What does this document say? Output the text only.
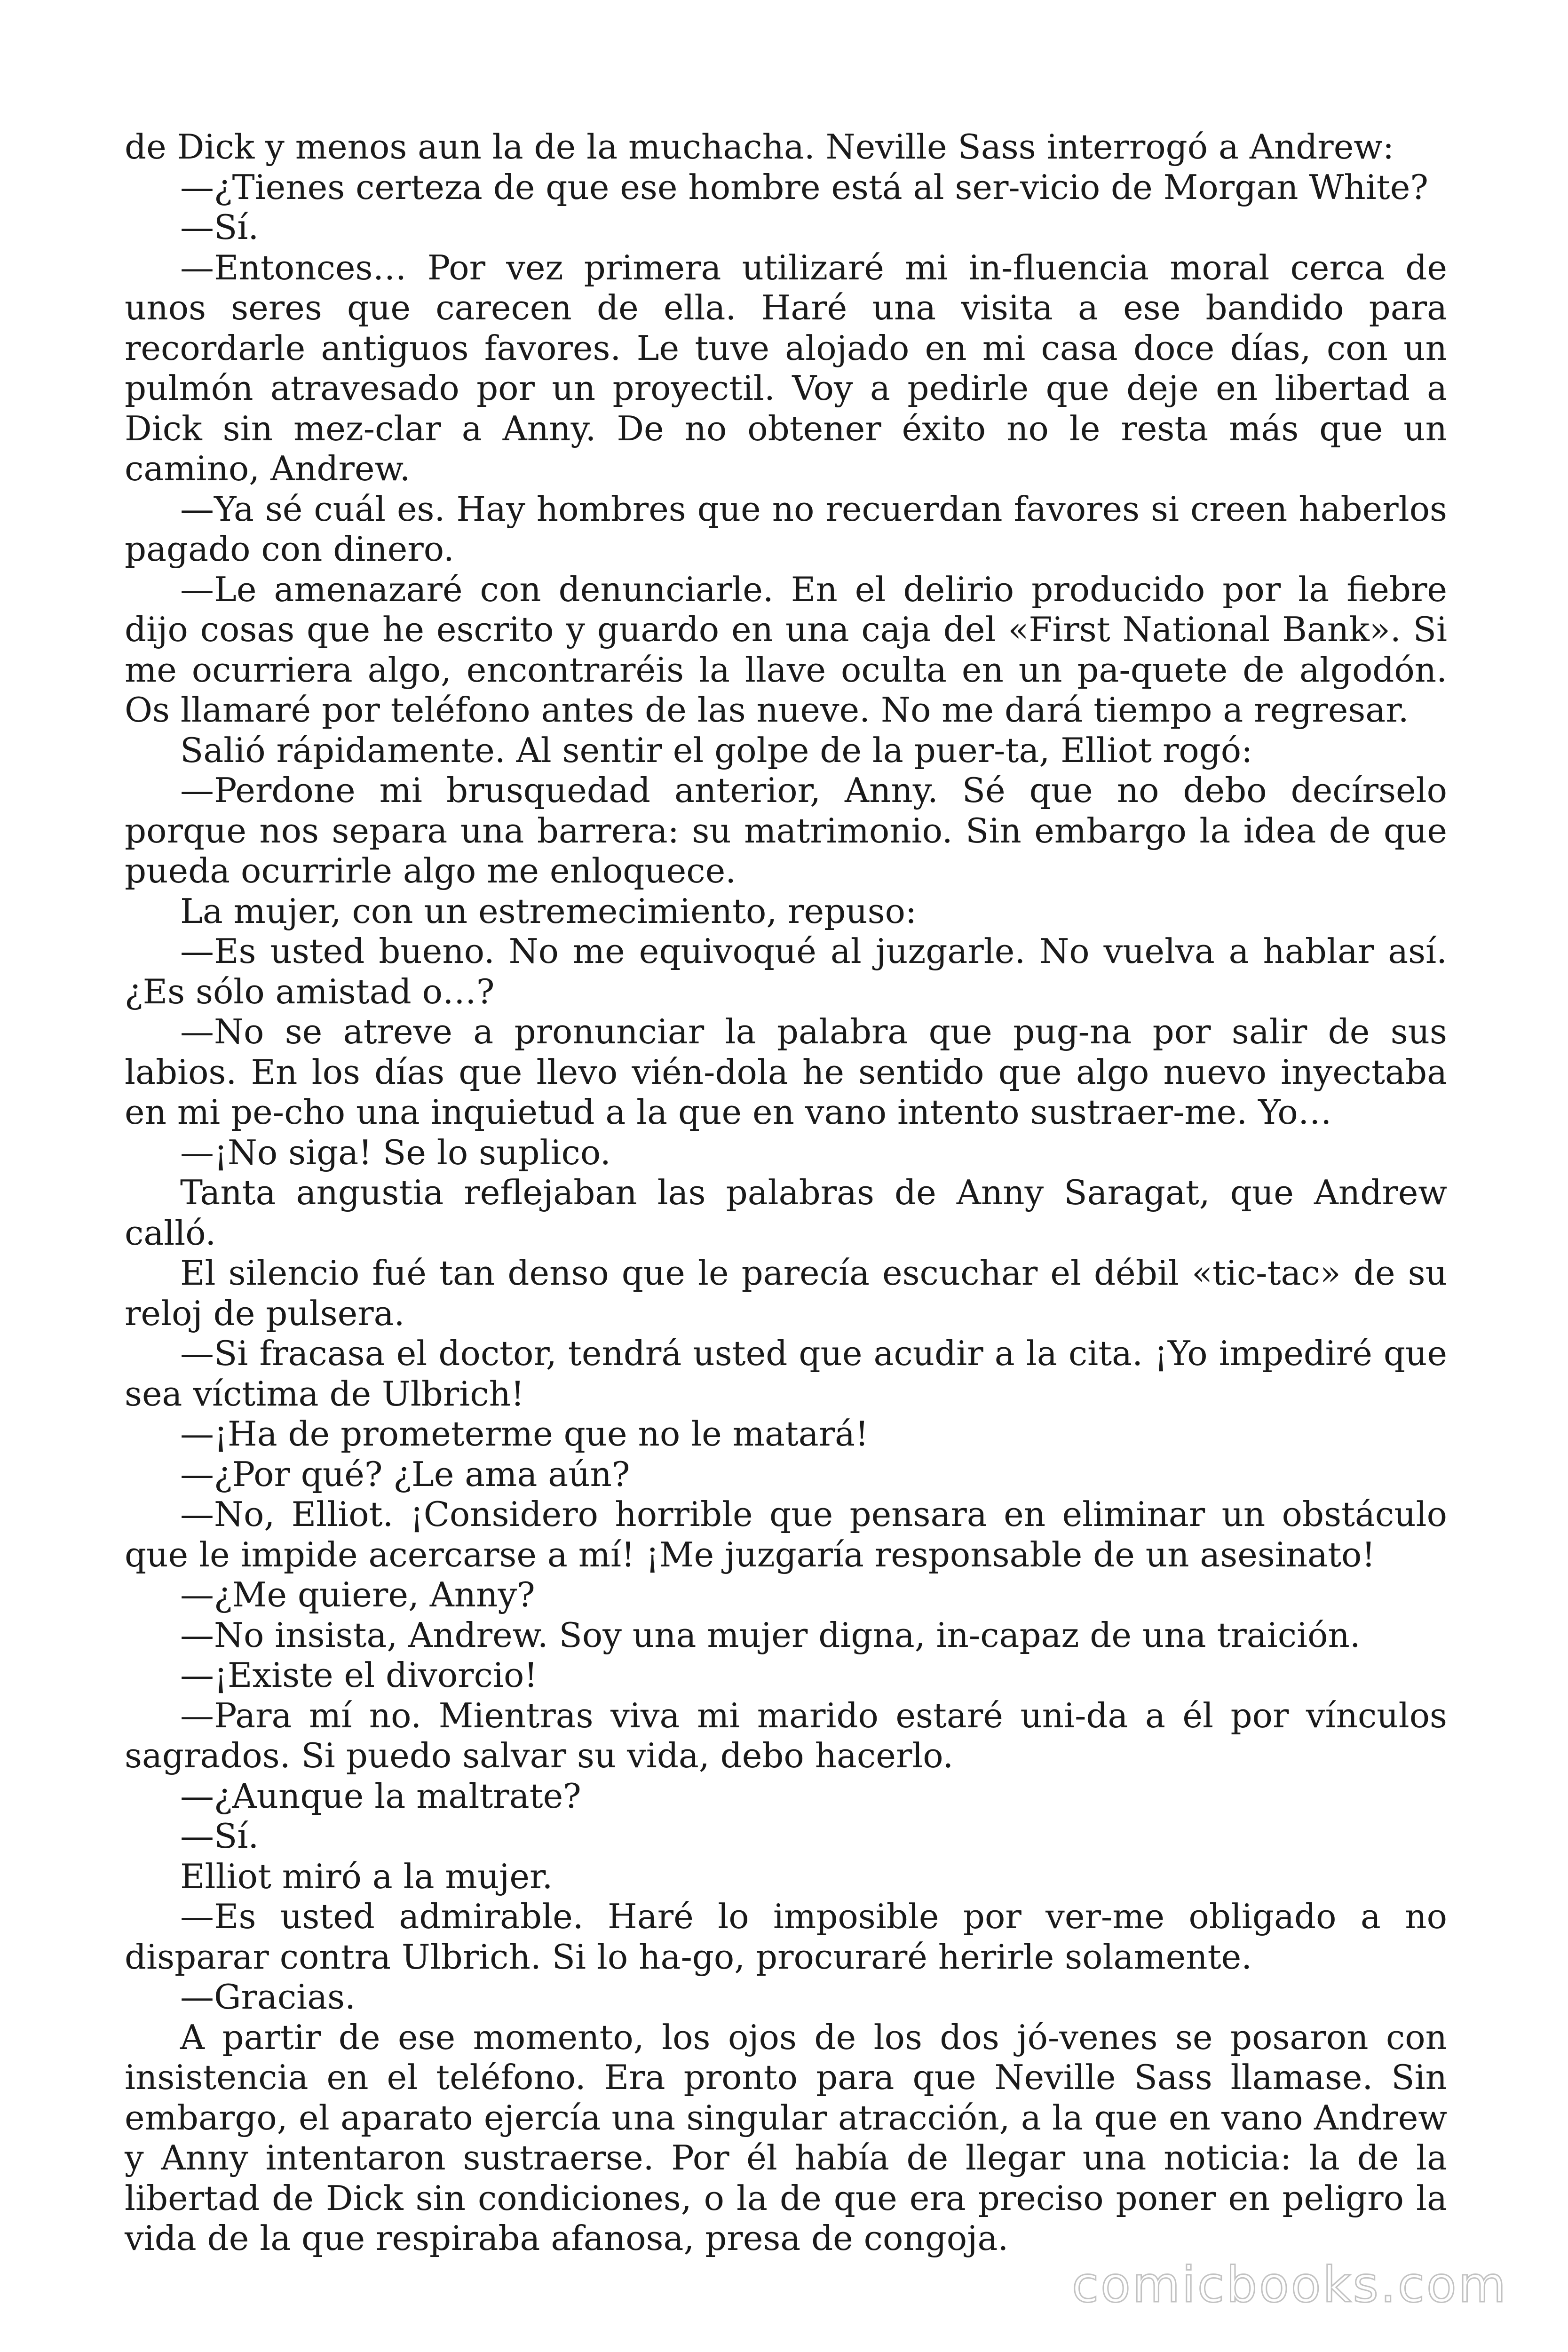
de Dick y menos aun la de la muchacha. Neville Sass interrogó a Andrew:

—¿Tienes certeza de que ese hombre está al ser-vicio de Morgan White?

—Sí.

—Entonces… Por vez primera utilizaré mi in-fluencia moral cerca de unos seres que carecen de ella. Haré una visita a ese bandido para recordarle antiguos favores. Le tuve alojado en mi casa doce días, con un pulmón atravesado por un proyectil. Voy a pedirle que deje en libertad a Dick sin mez-clar a Anny. De no obtener éxito no le resta más que un camino, Andrew.

—Ya sé cuál es. Hay hombres que no recuerdan favores si creen haberlos pagado con dinero.

—Le amenazaré con denunciarle. En el delirio producido por la fiebre dijo cosas que he escrito y guardo en una caja del «First National Bank». Si me ocurriera algo, encontraréis la llave oculta en un pa-quete de algodón. Os llamaré por teléfono antes de las nueve. No me dará tiempo a regresar.

Salió rápidamente. Al sentir el golpe de la puer-ta, Elliot rogó:

—Perdone mi brusquedad anterior, Anny. Sé que no debo decírselo porque nos separa una barrera: su matrimonio. Sin embargo la idea de que pueda ocurrirle algo me enloquece.

La mujer, con un estremecimiento, repuso:

—Es usted bueno. No me equivoqué al juzgarle. No vuelva a hablar así. ¿Es sólo amistad o…?

—No se atreve a pronunciar la palabra que pug-na por salir de sus labios. En los días que llevo vién-dola he sentido que algo nuevo inyectaba en mi pe-cho una inquietud a la que en vano intento sustraer-me. Yo…

—¡No siga! Se lo suplico.

Tanta angustia reflejaban las palabras de Anny Saragat, que Andrew calló.

El silencio fué tan denso que le parecía escuchar el débil «tic-tac» de su reloj de pulsera.

—Si fracasa el doctor, tendrá usted que acudir a la cita. ¡Yo impediré que sea víctima de Ulbrich!

—¡Ha de prometerme que no le matará!

—¿Por qué? ¿Le ama aún?

—No, Elliot. ¡Considero horrible que pensara en eliminar un obstáculo que le impide acercarse a mí! ¡Me juzgaría responsable de un asesinato!

—¿Me quiere, Anny?

—No insista, Andrew. Soy una mujer digna, in-capaz de una traición.

—¡Existe el divorcio!

—Para mí no. Mientras viva mi marido estaré uni-da a él por vínculos sagrados. Si puedo salvar su vida, debo hacerlo.

—¿Aunque la maltrate?

—Sí.

Elliot miró a la mujer.

—Es usted admirable. Haré lo imposible por ver-me obligado a no disparar contra Ulbrich. Si lo ha-go, procuraré herirle solamente.

—Gracias.

A partir de ese momento, los ojos de los dos jó-venes se posaron con insistencia en el teléfono. Era pronto para que Neville Sass llamase. Sin embargo, el aparato ejercía una singular atracción, a la que en vano Andrew y Anny intentaron sustraerse. Por él había de llegar una noticia: la de la libertad de Dick sin condiciones, o la de que era preciso poner en peligro la vida de la que respiraba afanosa, presa de congoja.

comicbooks.com
